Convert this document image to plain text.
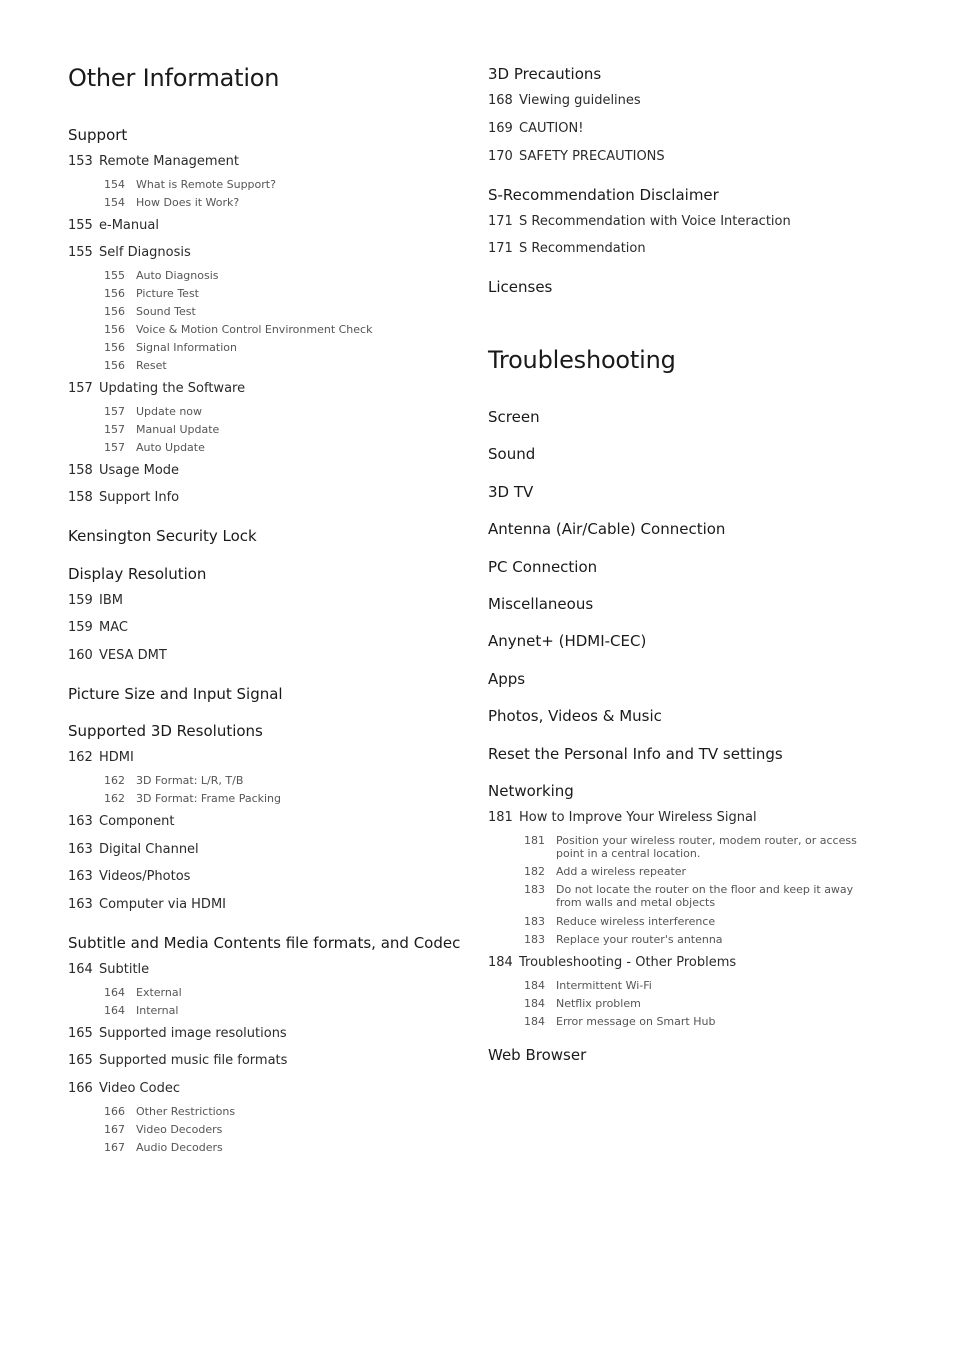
Other Information
Support
153 Remote Management
154 What is Remote Support?
154 How Does it Work?
155 e-Manual
155 Self Diagnosis
155 Auto Diagnosis
156 Picture Test
156 Sound Test
156 Voice & Motion Control Environment Check
156 Signal Information
156 Reset
157 Updating the Software
157 Update now
157 Manual Update
157 Auto Update
158 Usage Mode
158 Support Info
Kensington Security Lock
Display Resolution
159 IBM
159 MAC
160 VESA DMT
Picture Size and Input Signal
Supported 3D Resolutions
162 HDMI
162 3D Format: L/R, T/B
162 3D Format: Frame Packing
163 Component
163 Digital Channel
163 Videos/Photos
163 Computer via HDMI
Subtitle and Media Contents file formats, and Codec
164 Subtitle
164 External
164 Internal
165 Supported image resolutions
165 Supported music file formats
166 Video Codec
166 Other Restrictions
167 Video Decoders
167 Audio Decoders
3D Precautions
168 Viewing guidelines
169 CAUTION!
170 SAFETY PRECAUTIONS
S-Recommendation Disclaimer
171 S Recommendation with Voice Interaction
171 S Recommendation
Licenses
Troubleshooting
Screen
Sound
3D TV
Antenna (Air/Cable) Connection
PC Connection
Miscellaneous
Anynet+ (HDMI-CEC)
Apps
Photos, Videos & Music
Reset the Personal Info and TV settings
Networking
181 How to Improve Your Wireless Signal
181 Position your wireless router, modem router, or access point in a central location.
182 Add a wireless repeater
183 Do not locate the router on the floor and keep it away from walls and metal objects
183 Reduce wireless interference
183 Replace your router's antenna
184 Troubleshooting - Other Problems
184 Intermittent Wi-Fi
184 Netflix problem
184 Error message on Smart Hub
Web Browser
